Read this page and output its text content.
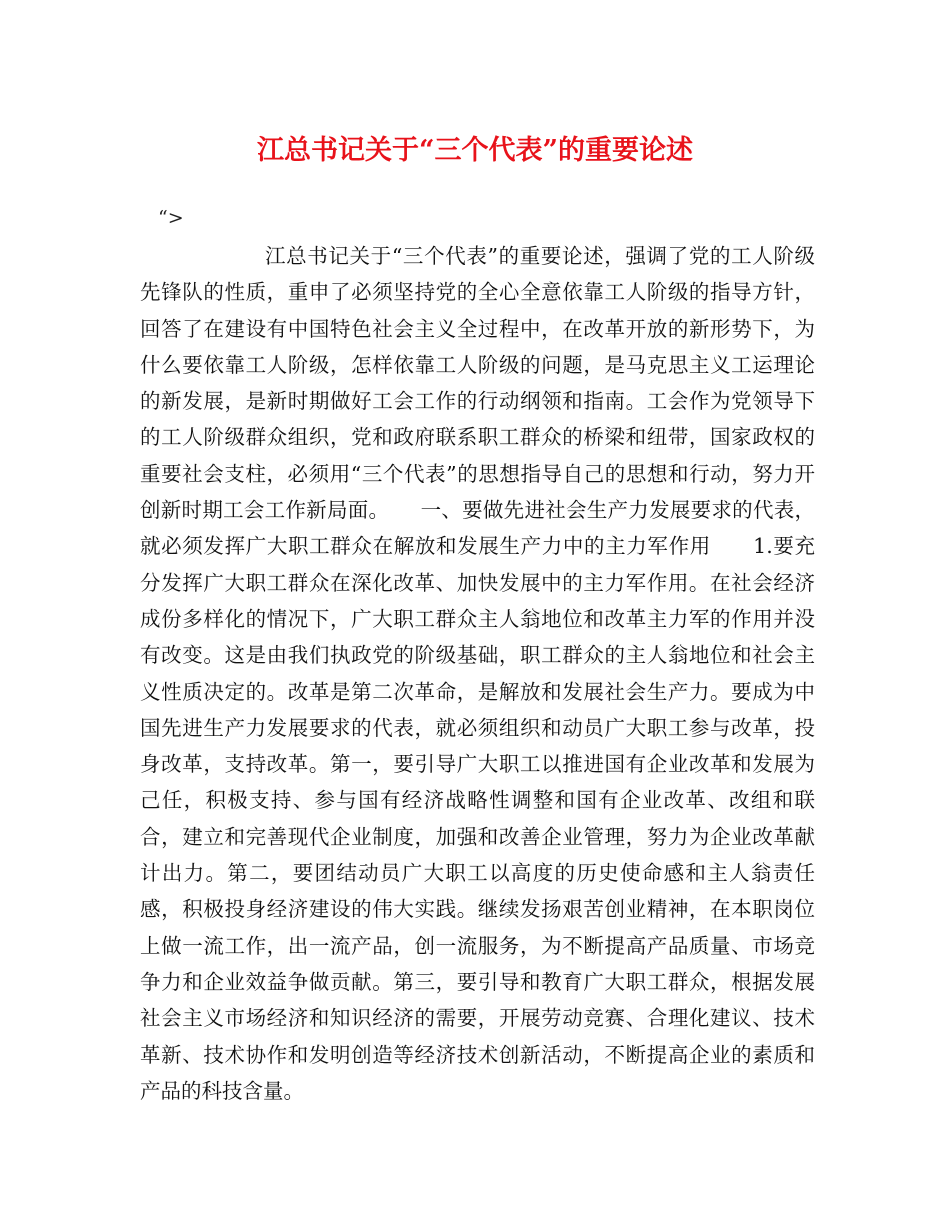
江总书记关于“三个代表”的重要论述
“>

江总书记关于“三个代表”的重要论述，强调了党的工人阶级先锋队的性质，重申了必须坚持党的全心全意依靠工人阶级的指导方针，回答了在建设有中国特色社会主义全过程中，在改革开放的新形势下，为什么要依靠工人阶级，怎样依靠工人阶级的问题，是马克思主义工运理论的新发展，是新时期做好工会工作的行动纲领和指南。工会作为党领导下的工人阶级群众组织，党和政府联系职工群众的桥梁和纽带，国家政权的重要社会支柱，必须用“三个代表”的思想指导自己的思想和行动，努力开创新时期工会工作新局面。　　一、要做先进社会生产力发展要求的代表，就必须发挥广大职工群众在解放和发展生产力中的主力军作用　　1.要充分发挥广大职工群众在深化改革、加快发展中的主力军作用。在社会经济成份多样化的情况下，广大职工群众主人翁地位和改革主力军的作用并没有改变。这是由我们执政党的阶级基础，职工群众的主人翁地位和社会主义性质决定的。改革是第二次革命，是解放和发展社会生产力。要成为中国先进生产力发展要求的代表，就必须组织和动员广大职工参与改革，投身改革，支持改革。第一，要引导广大职工以推进国有企业改革和发展为己任，积极支持、参与国有经济战略性调整和国有企业改革、改组和联合，建立和完善现代企业制度，加强和改善企业管理，努力为企业改革献计出力。第二，要团结动员广大职工以高度的历史使命感和主人翁责任感，积极投身经济建设的伟大实践。继续发扬艰苦创业精神，在本职岗位上做一流工作，出一流产品，创一流服务，为不断提高产品质量、市场竞争力和企业效益争做贡献。第三，要引导和教育广大职工群众，根据发展社会主义市场经济和知识经济的需要，开展劳动竞赛、合理化建议、技术革新、技术协作和发明创造等经济技术创新活动，不断提高企业的素质和产品的科技含量。
